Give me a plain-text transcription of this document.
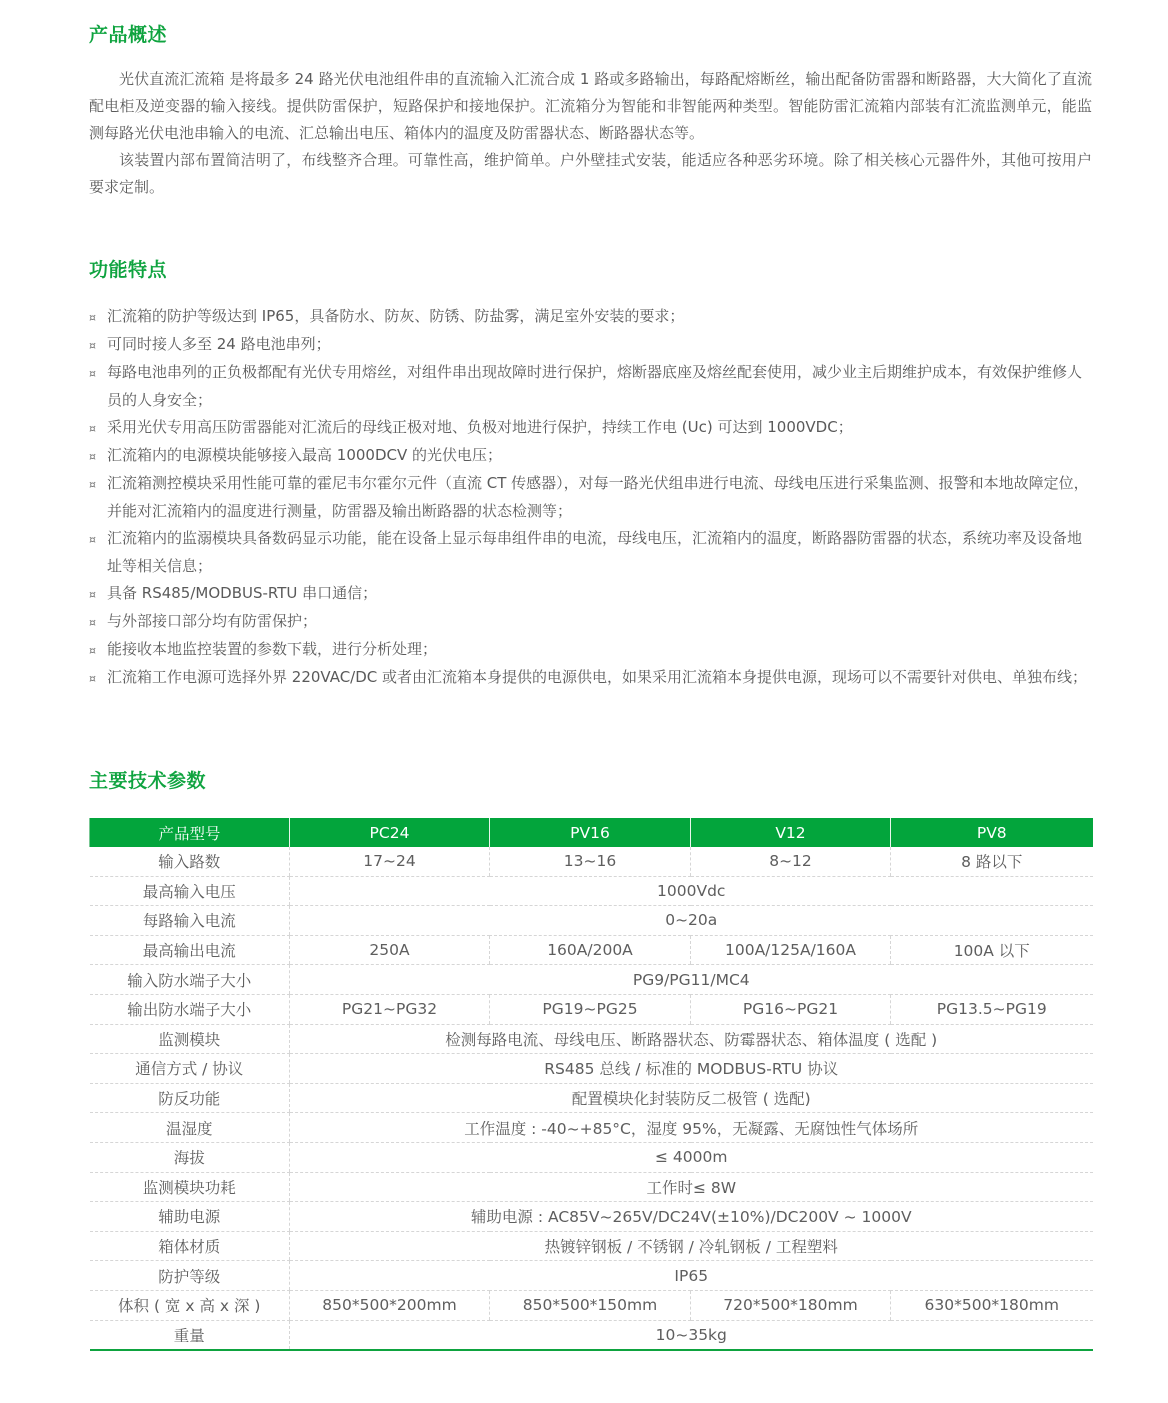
产品概述

光伏直流汇流箱 是将最多 24 路光伏电池组件串的直流输入汇流合成 1 路或多路输出，每路配熔断丝，输出配备防雷器和断路器，大大简化了直流配电柜及逆变器的输入接线。提供防雷保护，短路保护和接地保护。汇流箱分为智能和非智能两种类型。智能防雷汇流箱内部装有汇流监测单元，能监测每路光伏电池串输入的电流、汇总输出电压、箱体内的温度及防雷器状态、断路器状态等。

该装置内部布置简洁明了，布线整齐合理。可靠性高，维护简单。户外壁挂式安装，能适应各种恶劣环境。除了相关核心元器件外，其他可按用户要求定制。

功能特点
¤ 汇流箱的防护等级达到 IP65，具备防水、防灰、防锈、防盐雾，满足室外安装的要求；
¤ 可同时接人多至 24 路电池串列；
¤ 每路电池串列的正负极都配有光伏专用熔丝，对组件串出现故障时进行保护，熔断器底座及熔丝配套使用，减少业主后期维护成本，有效保护维修人员的人身安全；
¤ 采用光伏专用高压防雷器能对汇流后的母线正极对地、负极对地进行保护，持续工作电 (Uc) 可达到 1000VDC；
¤ 汇流箱内的电源模块能够接入最高 1000DCV 的光伏电压；
¤ 汇流箱测控模块采用性能可靠的霍尼韦尔霍尔元件（直流 CT 传感器），对每一路光伏组串进行电流、母线电压进行采集监测、报警和本地故障定位，并能对汇流箱内的温度进行测量，防雷器及输出断路器的状态检测等；
¤ 汇流箱内的监溺模块具备数码显示功能，能在设备上显示每串组件串的电流，母线电压，汇流箱内的温度，断路器防雷器的状态，系统功率及设备地址等相关信息；
¤ 具备 RS485/MODBUS-RTU 串口通信；
¤ 与外部接口部分均有防雷保护；
¤ 能接收本地监控装置的参数下载，进行分析处理；
¤ 汇流箱工作电源可选择外界 220VAC/DC 或者由汇流箱本身提供的电源供电，如果采用汇流箱本身提供电源，现场可以不需要针对供电、单独布线；
主要技术参数
产品型号	PC24	PV16	V12	PV8
输入路数	17~24	13~16	8~12	8 路以下
最高输入电压	1000Vdc			
每路输入电流	0~20a			
最高输出电流	250A	160A/200A	100A/125A/160A	100A 以下
输入防水端子大小	PG9/PG11/MC4			
输出防水端子大小	PG21~PG32	PG19~PG25	PG16~PG21	PG13.5~PG19
监测模块	检测每路电流、母线电压、断路器状态、防霉器状态、箱体温度 ( 选配 )			
通信方式 / 协议	RS485 总线 / 标准的 MODBUS-RTU 协议			
防反功能	配置模块化封装防反二极管 ( 选配)			
温湿度	工作温度 : -40~+85°C，湿度 95%，无凝露、无腐蚀性气体场所			
海拔	≤ 4000m			
监测模块功耗	工作时≤ 8W			
辅助电源	辅助电源 : AC85V~265V/DC24V(±10%)/DC200V ~ 1000V			
箱体材质	热镀锌钢板 / 不锈钢 / 冷轧钢板 / 工程塑料			
防护等级	IP65			
体积 ( 宽 x 高 x 深 )	850*500*200mm	850*500*150mm	720*500*180mm	630*500*180mm
重量	10~35kg			
